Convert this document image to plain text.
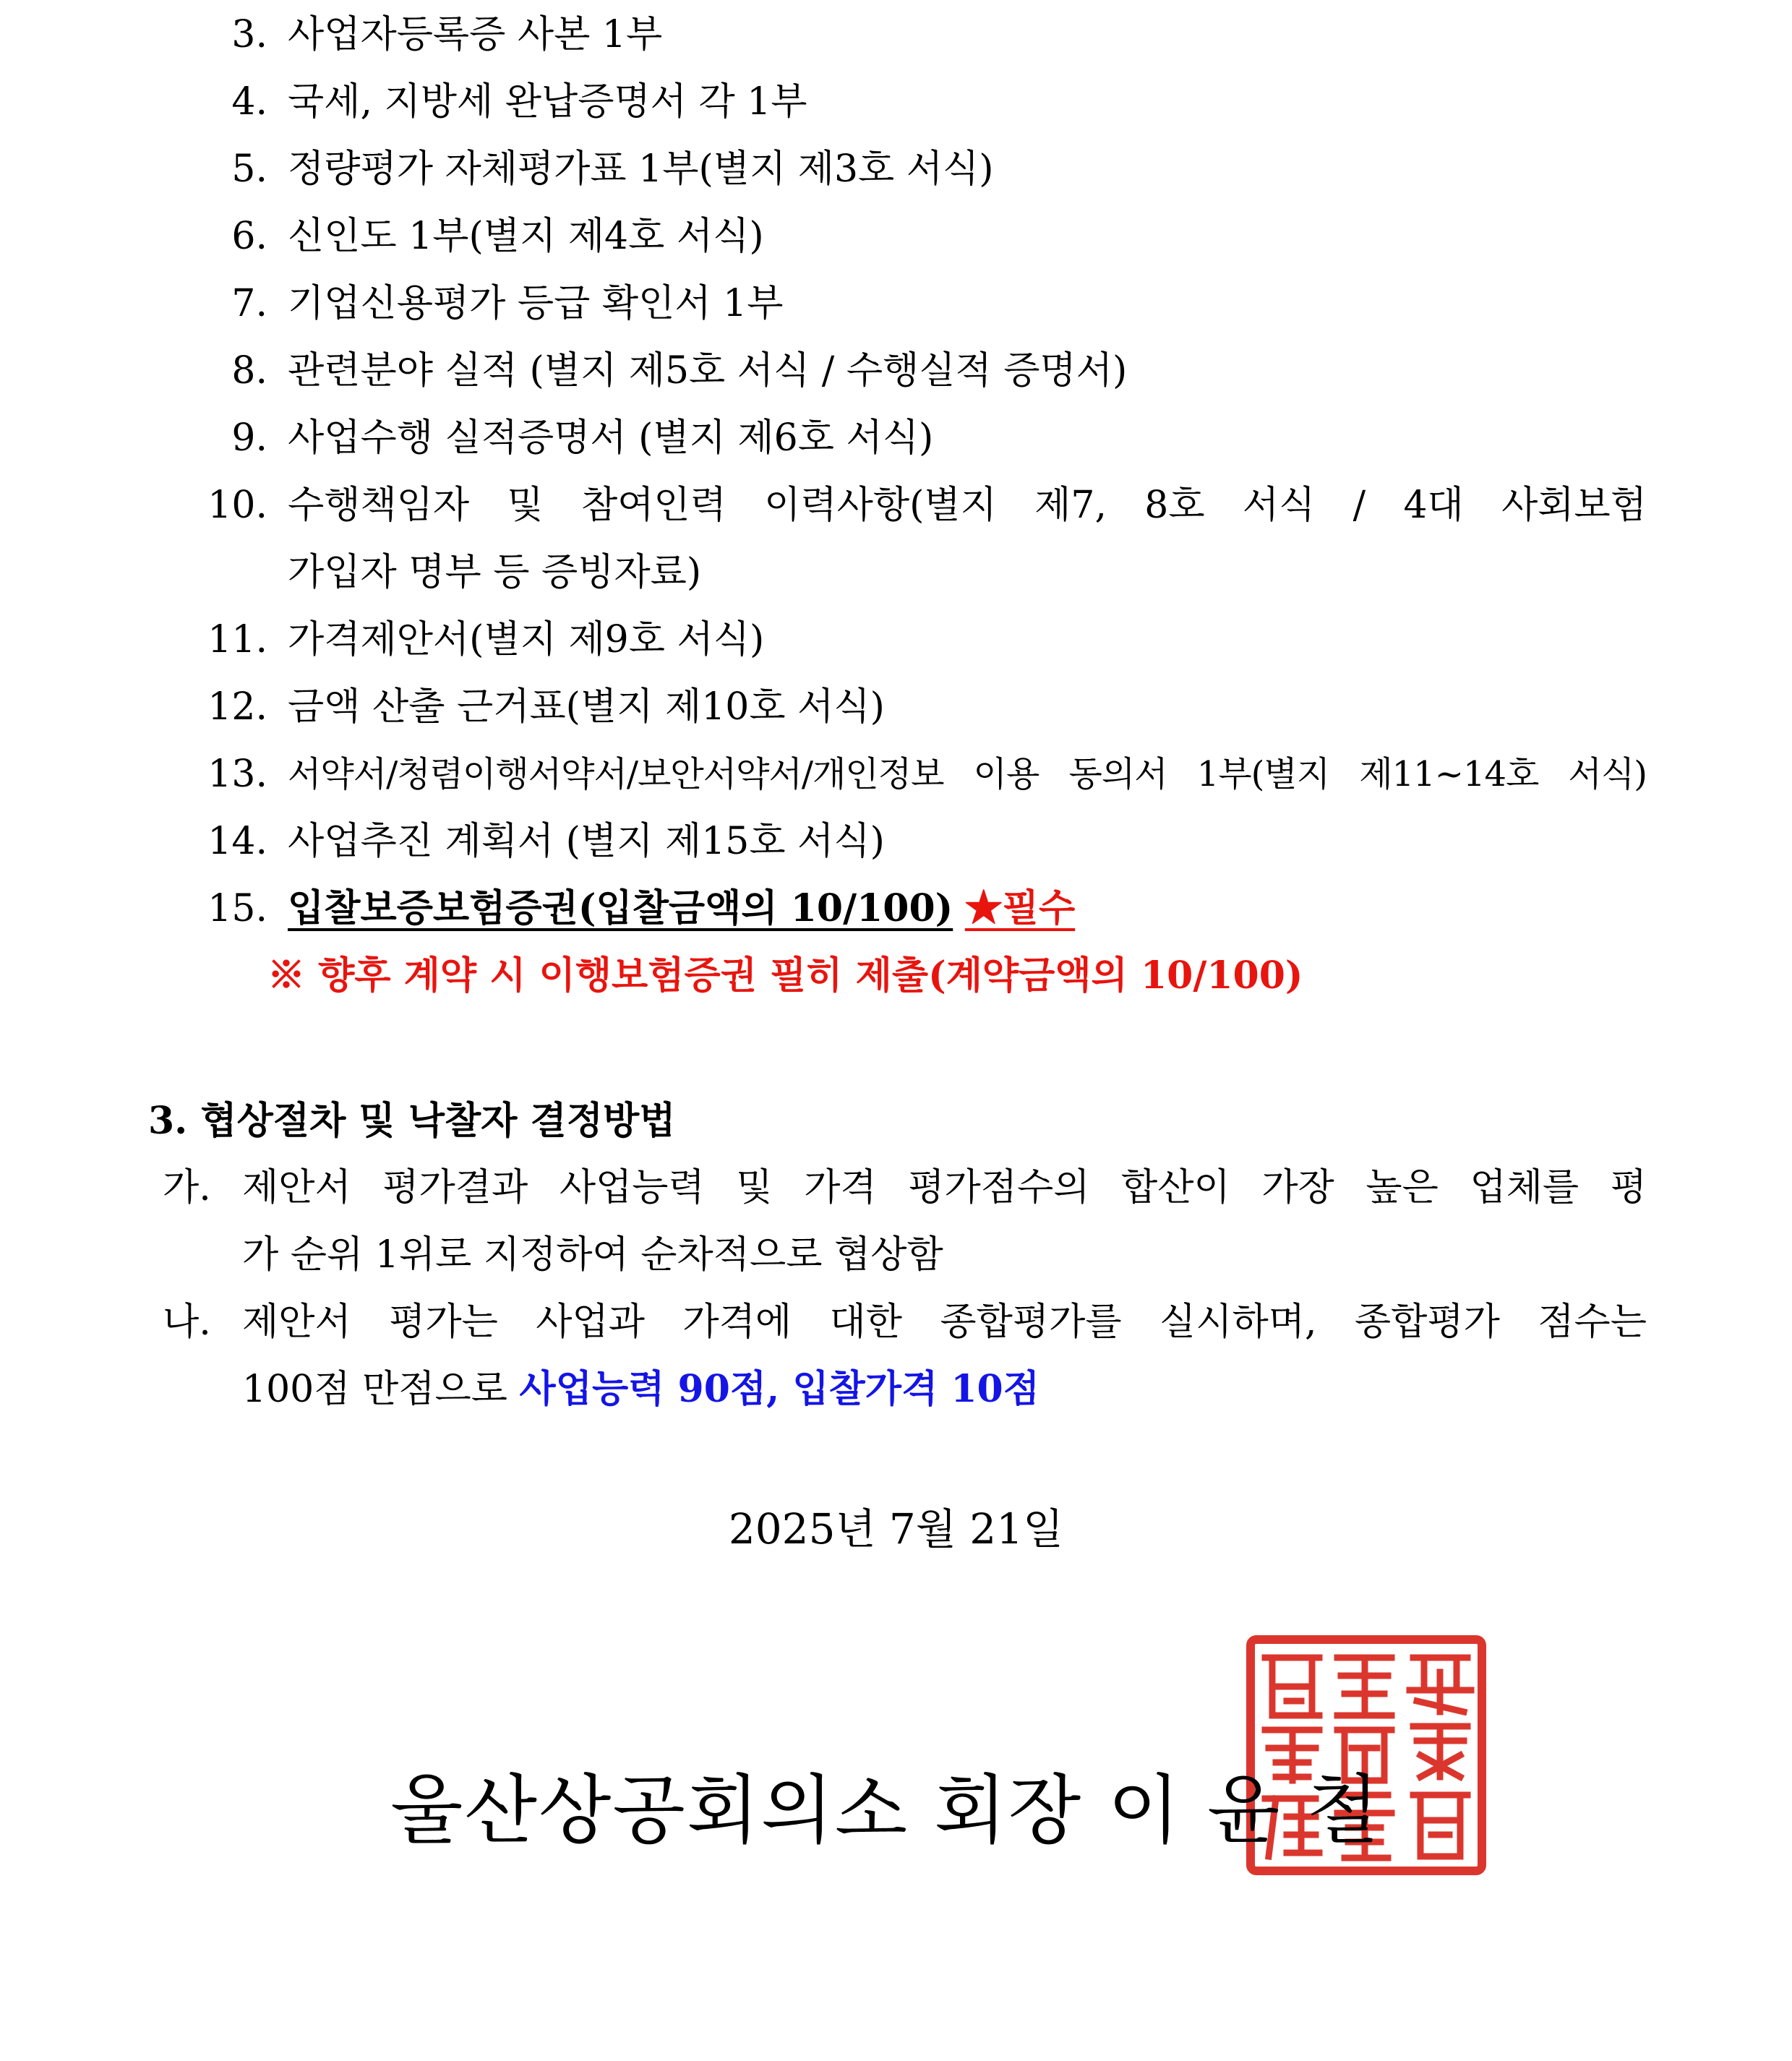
3. 사업자등록증 사본 1부
4. 국세, 지방세 완납증명서 각 1부
5. 정량평가 자체평가표 1부(별지 제3호 서식)
6. 신인도 1부(별지 제4호 서식)
7. 기업신용평가 등급 확인서 1부
8. 관련분야 실적 (별지 제5호 서식 / 수행실적 증명서)
9. 사업수행 실적증명서 (별지 제6호 서식)
10. 수행책임자 및 참여인력 이력사항(별지 제7, 8호 서식 / 4대 사회보험
가입자 명부 등 증빙자료)
11. 가격제안서(별지 제9호 서식)
12. 금액 산출 근거표(별지 제10호 서식)
13. 서약서/청렴이행서약서/보안서약서/개인정보 이용 동의서 1부(별지 제11~14호 서식)
14. 사업추진 계획서 (별지 제15호 서식)
15. 입찰보증보험증권(입찰금액의 10/100) ★필수
※ 향후 계약 시 이행보험증권 필히 제출(계약금액의 10/100)
3. 협상절차 및 낙찰자 결정방법
가. 제안서 평가결과 사업능력 및 가격 평가점수의 합산이 가장 높은 업체를 평
가 순위 1위로 지정하여 순차적으로 협상함
나. 제안서 평가는 사업과 가격에 대한 종합평가를 실시하며, 종합평가 점수는
100점 만점으로 사업능력 90점, 입찰가격 10점
2025년 7월 21일
울산상공회의소 회장 이 윤 철
